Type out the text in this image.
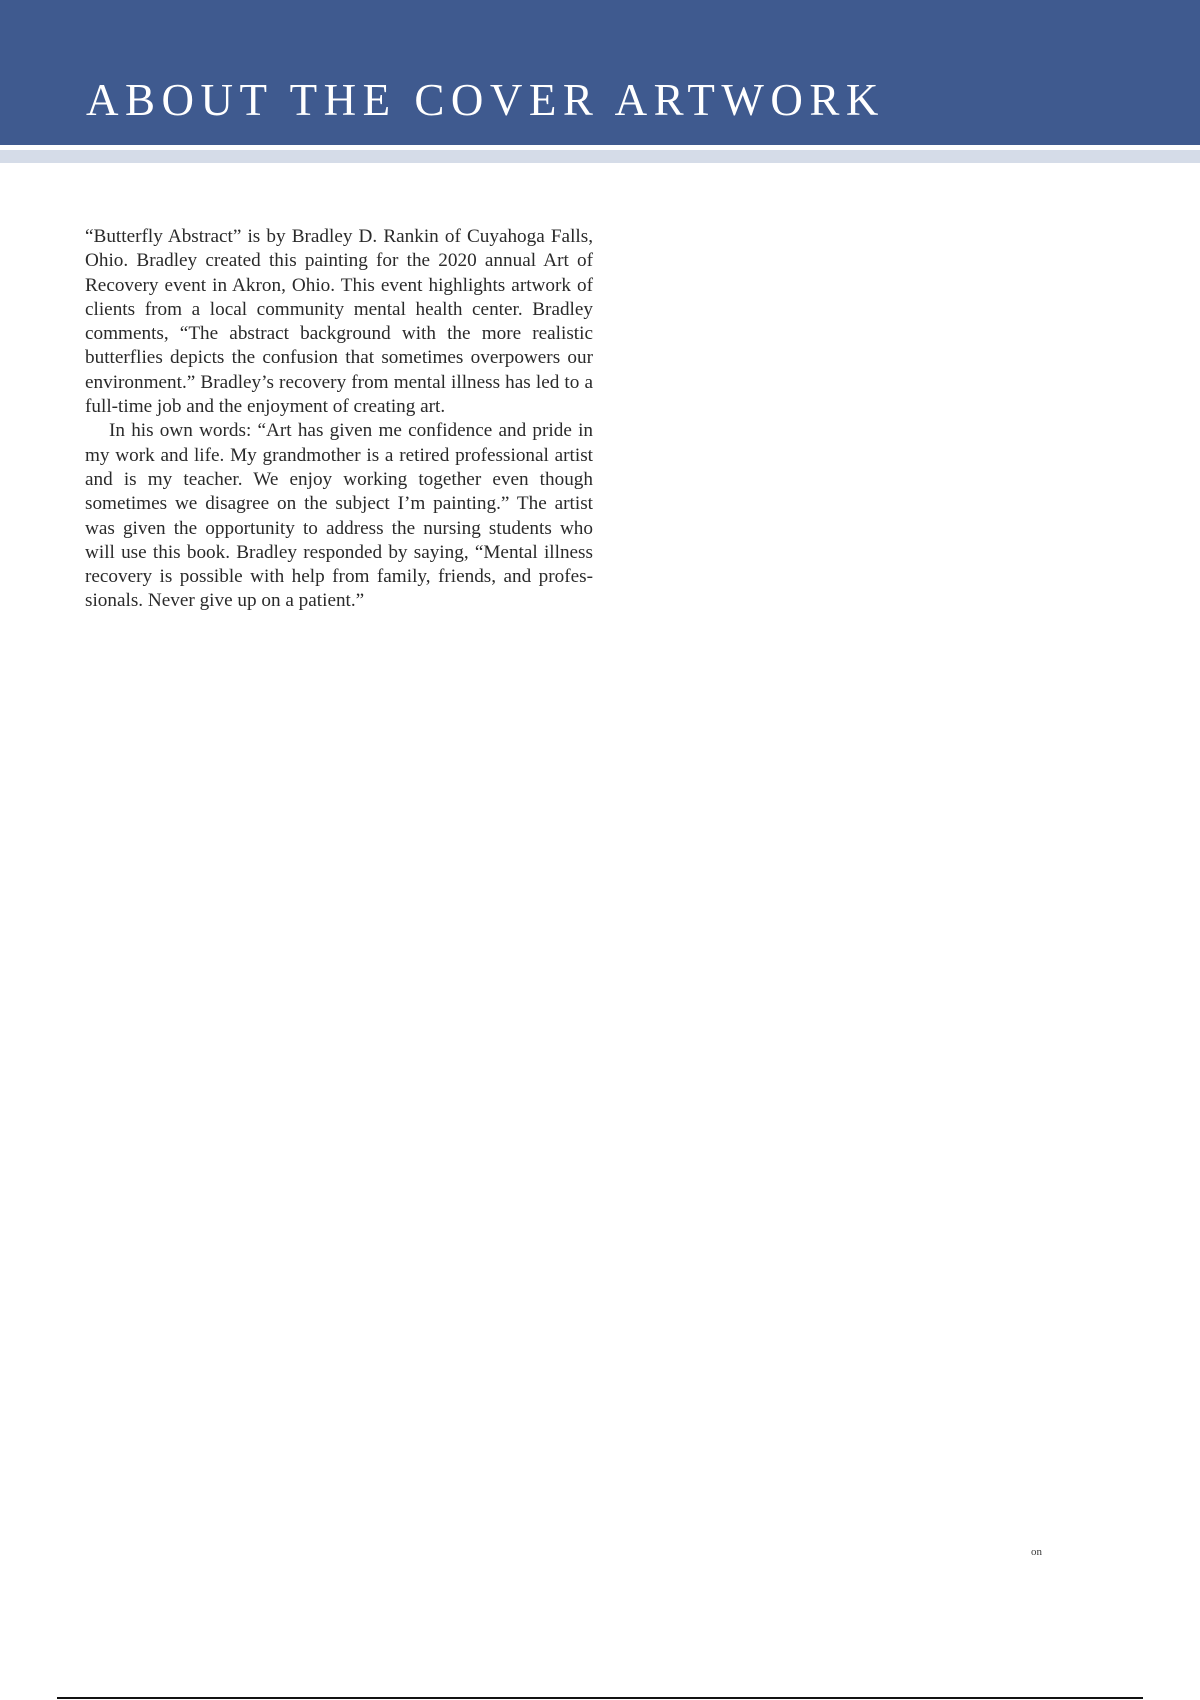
ABOUT THE COVER ARTWORK

“Butterfly Abstract” is by Bradley D. Rankin of Cuyahoga Falls, Ohio. Bradley created this painting for the 2020 annual Art of Recovery event in Akron, Ohio. This event highlights artwork of clients from a local community mental health center. Bradley comments, “The abstract background with the more realistic butterflies depicts the confusion that sometimes overpowers our environment.” Bradley’s recovery from mental illness has led to a full-time job and the enjoyment of creating art.

In his own words: “Art has given me confidence and pride in my work and life. My grandmother is a retired professional artist and is my teacher. We enjoy working together even though sometimes we disagree on the subject I’m painting.” The artist was given the opportunity to address the nursing students who will use this book. Bradley responded by saying, “Mental illness recovery is possible with help from family, friends, and professionals. Never give up on a patient.”

on
